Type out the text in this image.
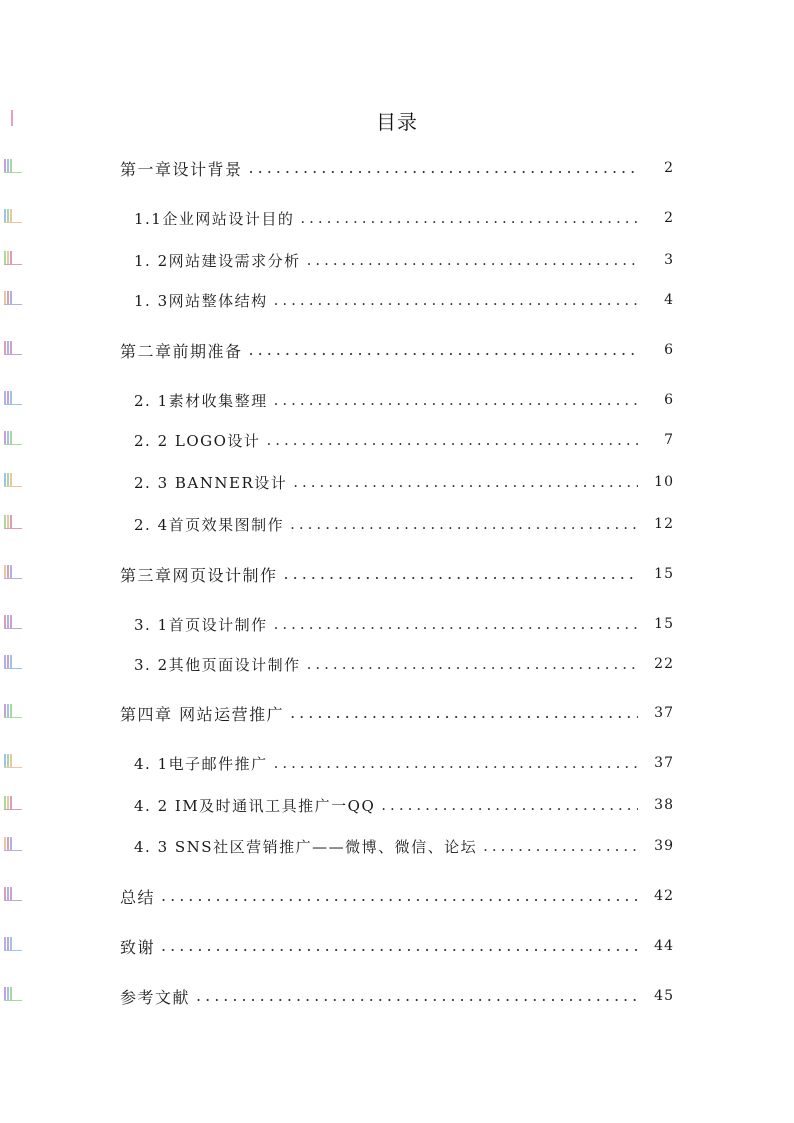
目录
第一章设计背景 .....	2
1.1企业网站设计目的 .....	2
1. 2网站建设需求分析 .....	3
1. 3网站整体结构 .....	4
第二章前期准备 .....	6
2. 1素材收集整理 .....	6
2. 2 LOGO设计 .....	7
2. 3 BANNER设计 .....	10
2. 4首页效果图制作 .....	12
第三章网页设计制作 .....	15
3. 1首页设计制作 .....	15
3. 2其他页面设计制作 .....	22
第四章 网站运营推广 .....	37
4. 1电子邮件推广 .....	37
4. 2 IM及时通讯工具推广一QQ .....	38
4. 3 SNS社区营销推广——微博、微信、论坛 .....	39
总结 .....	42
致谢 .....	44
参考文献 .....	45
